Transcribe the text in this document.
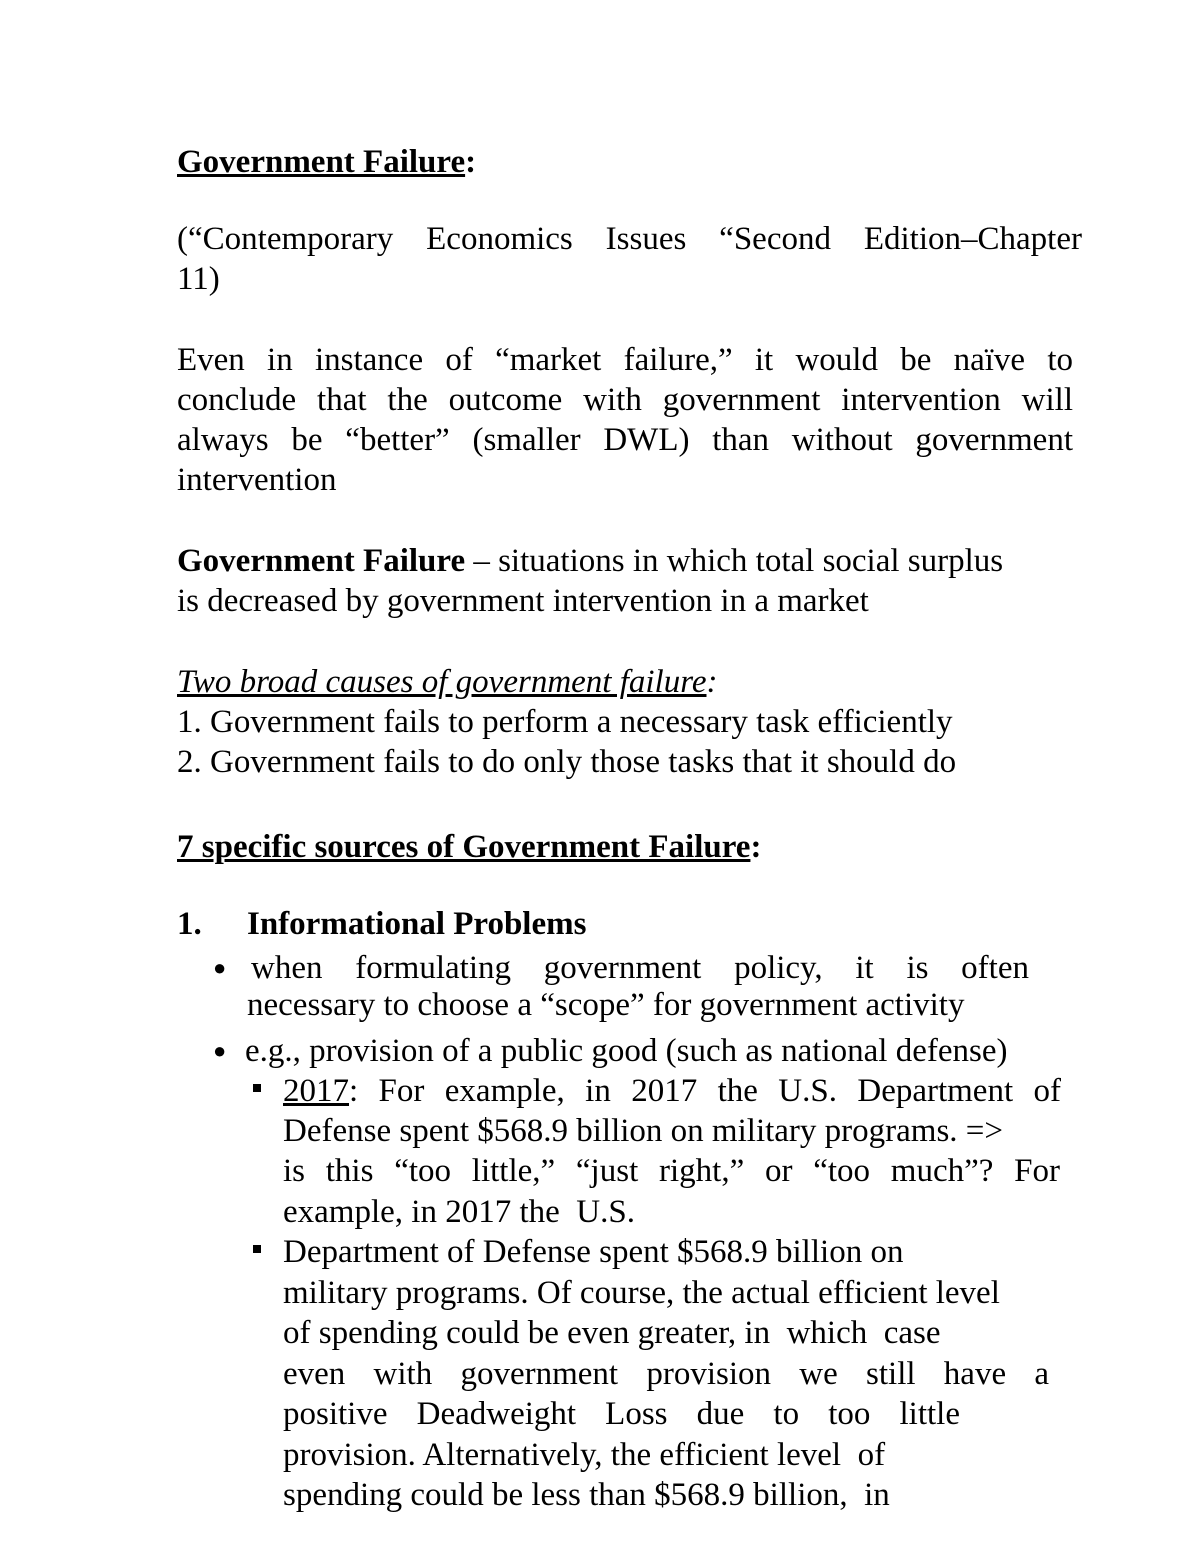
Government Failure:
(“Contemporary Economics Issues “Second Edition–Chapter
11)
Even in instance of “market failure,” it would be naïve to
conclude that the outcome with government intervention will
always be “better” (smaller DWL) than without government
intervention
Government Failure – situations in which total social surplus
is decreased by government intervention in a market
Two broad causes of government failure:
1. Government fails to perform a necessary task efficiently
2. Government fails to do only those tasks that it should do
7 specific sources of Government Failure:
1. Informational Problems
● when formulating government policy, it is often
necessary to choose a “scope” for government activity
● e.g., provision of a public good (such as national defense)
2017: For example, in 2017 the U.S. Department of
Defense spent $568.9 billion on military programs. =>
is this “too little,” “just right,” or “too much”? For
example, in 2017 the  U.S.
Department of Defense spent $568.9 billion on
military programs. Of course, the actual efficient level
of spending could be even greater, in  which  case
even with government provision we still have a
positive Deadweight Loss due to too little
provision. Alternatively, the efficient level  of
spending could be less than $568.9 billion,  in
